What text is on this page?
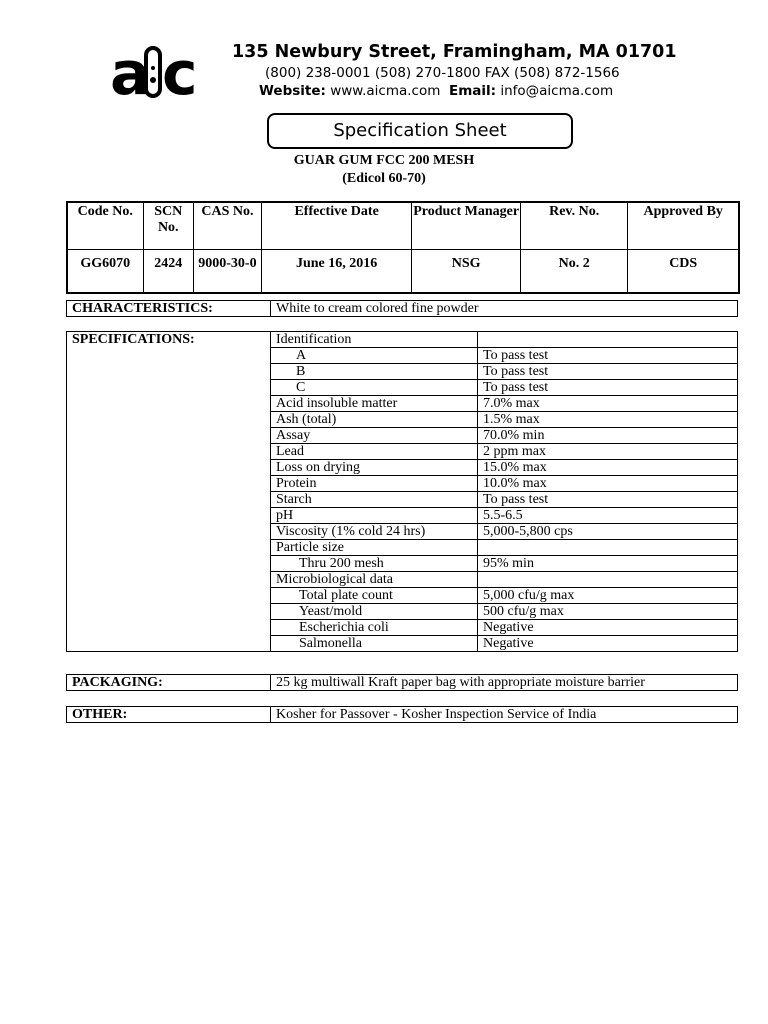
a c 135 Newbury Street, Framingham, MA 01701
(800) 238-0001 (508) 270-1800 FAX (508) 872-1566
Website: www.aicma.com Email: info@aicma.com
Specification Sheet
GUAR GUM FCC 200 MESH
(Edicol 60-70)
Code No.	SCN No.	CAS No.	Effective Date	Product Manager	Rev. No.	Approved By
GG6070	2424	9000-30-0	June 16, 2016	NSG	No. 2	CDS
CHARACTERISTICS:	White to cream colored fine powder
SPECIFICATIONS:	Identification	
	A	To pass test
	B	To pass test
	C	To pass test
	Acid insoluble matter	7.0% max
	Ash (total)	1.5% max
	Assay	70.0% min
	Lead	2 ppm max
	Loss on drying	15.0% max
	Protein	10.0% max
	Starch	To pass test
	pH	5.5-6.5
	Viscosity (1% cold 24 hrs)	5,000-5,800 cps
	Particle size	
	Thru 200 mesh	95% min
	Microbiological data	
	Total plate count	5,000 cfu/g max
	Yeast/mold	500 cfu/g max
	Escherichia coli	Negative
	Salmonella	Negative
PACKAGING:	25 kg multiwall Kraft paper bag with appropriate moisture barrier
OTHER:	Kosher for Passover - Kosher Inspection Service of India
